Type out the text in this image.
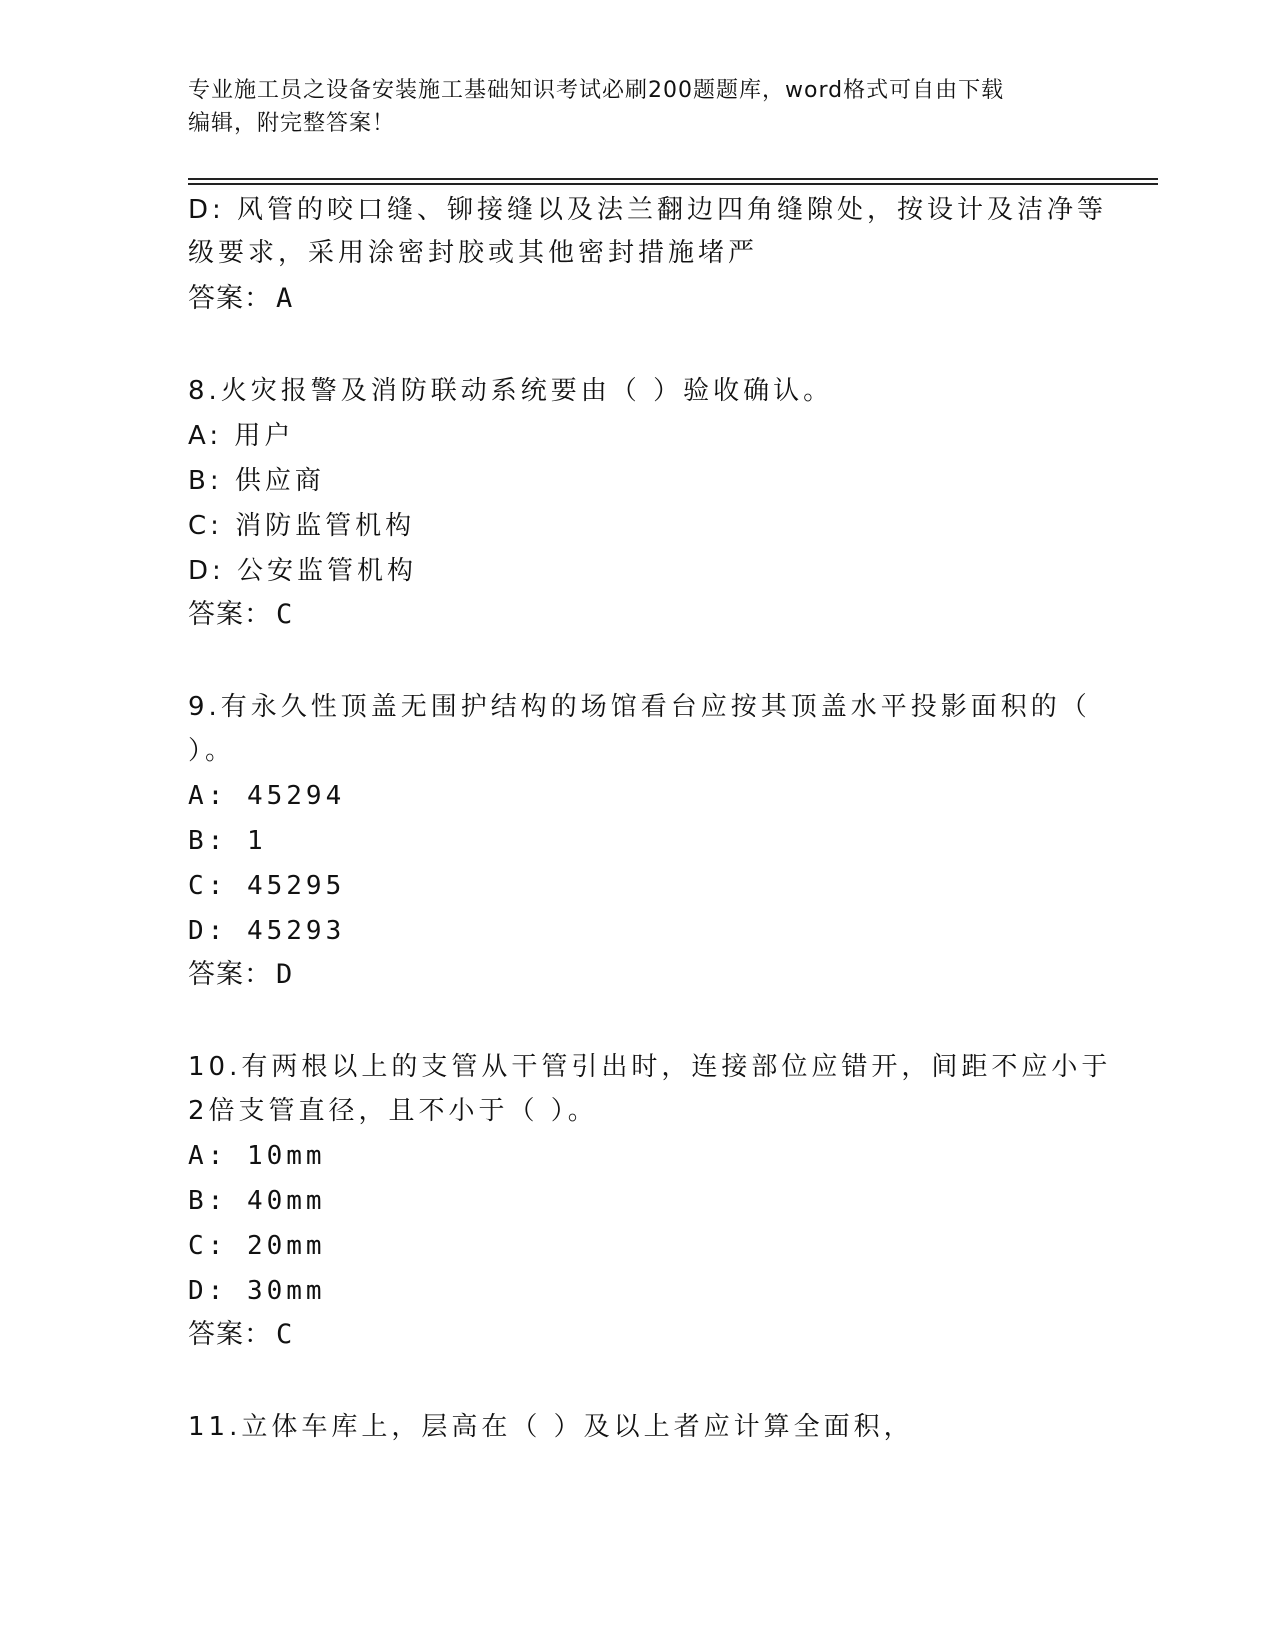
专业施工员之设备安装施工基础知识考试必刷200题题库，word格式可自由下载
编辑，附完整答案！
D: 风管的咬口缝、铆接缝以及法兰翻边四角缝隙处，按设计及洁净等
级要求，采用涂密封胶或其他密封措施堵严
答案： A
8.火灾报警及消防联动系统要由（ ）验收确认。
A: 用户
B: 供应商
C: 消防监管机构
D: 公安监管机构
答案： C
9.有永久性顶盖无围护结构的场馆看台应按其顶盖水平投影面积的（
）。
A: 45294
B: 1
C: 45295
D: 45293
答案： D
10.有两根以上的支管从干管引出时，连接部位应错开，间距不应小于
2倍支管直径，且不小于（ ）。
A: 10mm
B: 40mm
C: 20mm
D: 30mm
答案： C
11.立体车库上，层高在（ ）及以上者应计算全面积，
